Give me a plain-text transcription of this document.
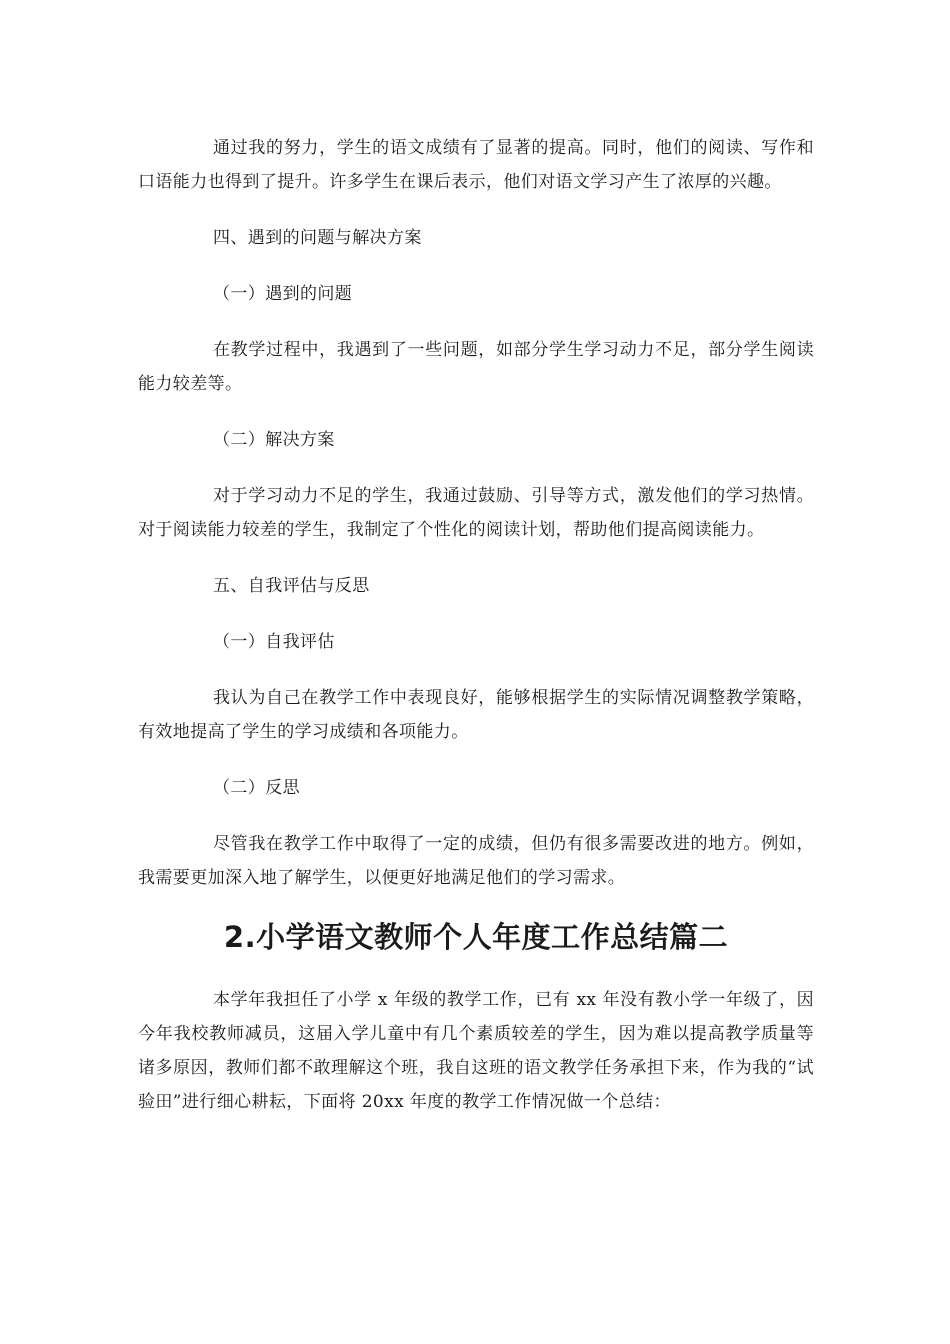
通过我的努力，学生的语文成绩有了显著的提高。同时，他们的阅读、写作和口语能力也得到了提升。许多学生在课后表示，他们对语文学习产生了浓厚的兴趣。

四、遇到的问题与解决方案

（一）遇到的问题

在教学过程中，我遇到了一些问题，如部分学生学习动力不足，部分学生阅读能力较差等。

（二）解决方案

对于学习动力不足的学生，我通过鼓励、引导等方式，激发他们的学习热情。对于阅读能力较差的学生，我制定了个性化的阅读计划，帮助他们提高阅读能力。

五、自我评估与反思

（一）自我评估

我认为自己在教学工作中表现良好，能够根据学生的实际情况调整教学策略，有效地提高了学生的学习成绩和各项能力。

（二）反思

尽管我在教学工作中取得了一定的成绩，但仍有很多需要改进的地方。例如，我需要更加深入地了解学生，以便更好地满足他们的学习需求。

2.小学语文教师个人年度工作总结篇二

本学年我担任了小学 x 年级的教学工作，已有 xx 年没有教小学一年级了，因今年我校教师减员，这届入学儿童中有几个素质较差的学生，因为难以提高教学质量等诸多原因，教师们都不敢理解这个班，我自这班的语文教学任务承担下来，作为我的“试验田”进行细心耕耘，下面将 20xx 年度的教学工作情况做一个总结：
